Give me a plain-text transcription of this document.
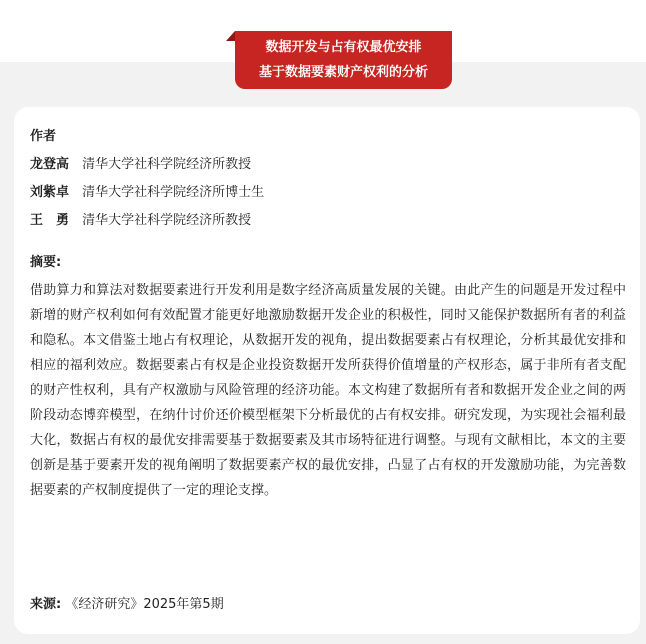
数据开发与占有权最优安排
基于数据要素财产权利的分析
作者
龙登高 清华大学社科学院经济所教授
刘紫卓 清华大学社科学院经济所博士生
王　勇 清华大学社科学院经济所教授
摘要:
借助算力和算法对数据要素进行开发利用是数字经济高质量发展的关键。由此产生的问题是开发过程中新增的财产权利如何有效配置才能更好地激励数据开发企业的积极性，同时又能保护数据所有者的利益和隐私。本文借鉴土地占有权理论，从数据开发的视角，提出数据要素占有权理论，分析其最优安排和相应的福利效应。数据要素占有权是企业投资数据开发所获得价值增量的产权形态，属于非所有者支配的财产性权利，具有产权激励与风险管理的经济功能。本文构建了数据所有者和数据开发企业之间的两阶段动态博弈模型，在纳什讨价还价模型框架下分析最优的占有权安排。研究发现，为实现社会福利最大化，数据占有权的最优安排需要基于数据要素及其市场特征进行调整。与现有文献相比，本文的主要创新是基于要素开发的视角阐明了数据要素产权的最优安排，凸显了占有权的开发激励功能，为完善数据要素的产权制度提供了一定的理论支撑。
来源: 《经济研究》2025年第5期
